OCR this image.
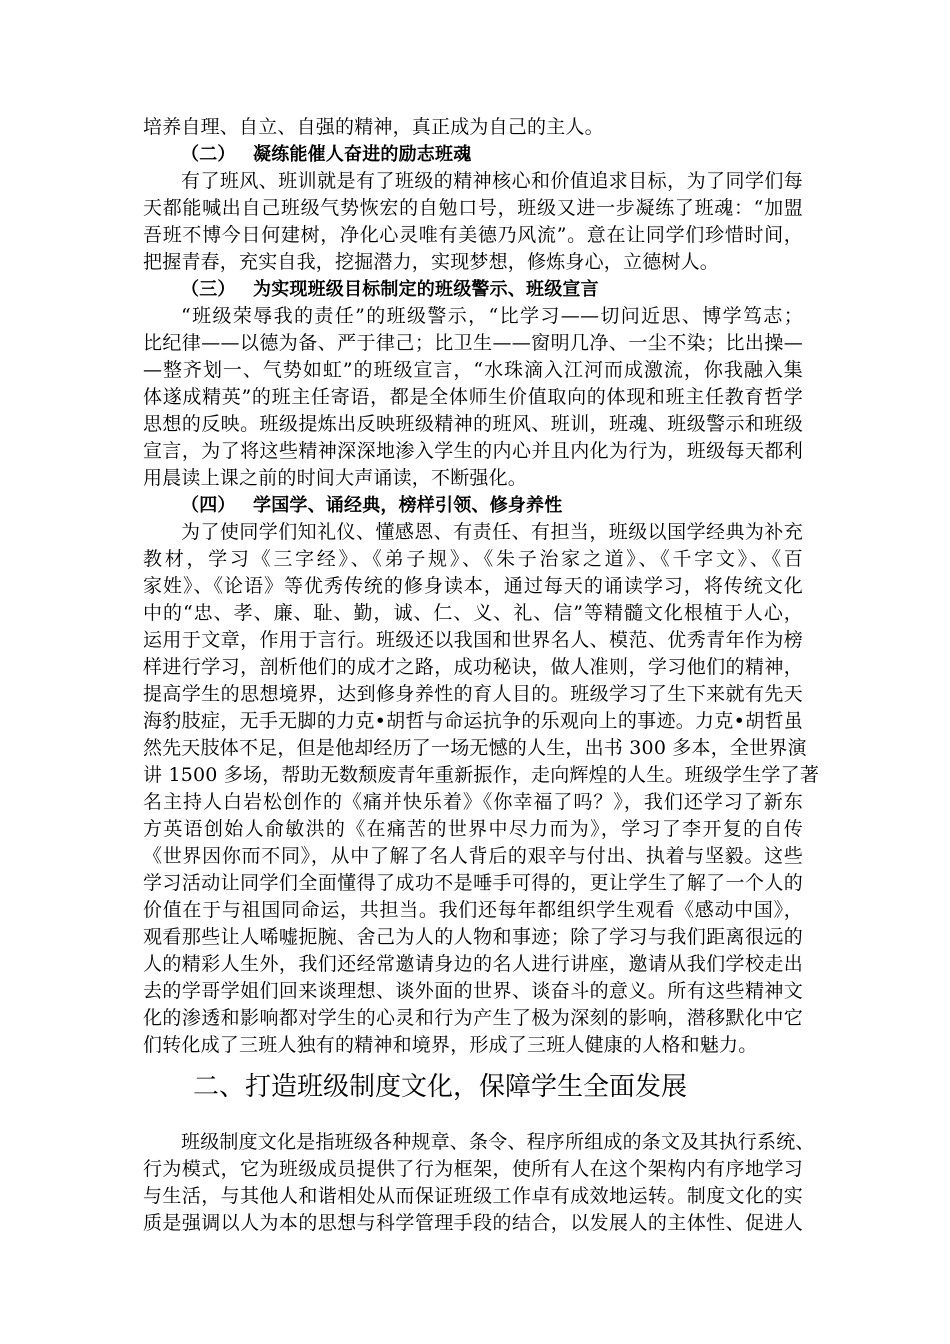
培养自理、自立、自强的精神，真正成为自己的主人。
（二） 凝练能催人奋进的励志班魂
有了班风、班训就是有了班级的精神核心和价值追求目标，为了同学们每
天都能喊出自己班级气势恢宏的自勉口号，班级又进一步凝练了班魂：“加盟
吾班不博今日何建树，净化心灵唯有美德乃风流”。意在让同学们珍惜时间，
把握青春，充实自我，挖掘潜力，实现梦想，修炼身心，立德树人。
（三） 为实现班级目标制定的班级警示、班级宣言
“班级荣辱我的责任”的班级警示，“比学习——切问近思、博学笃志；
比纪律——以德为备、严于律己；比卫生——窗明几净、一尘不染；比出操—
—整齐划一、气势如虹”的班级宣言，“水珠滴入江河而成激流，你我融入集
体遂成精英”的班主任寄语，都是全体师生价值取向的体现和班主任教育哲学
思想的反映。班级提炼出反映班级精神的班风、班训，班魂、班级警示和班级
宣言，为了将这些精神深深地渗入学生的内心并且内化为行为，班级每天都利
用晨读上课之前的时间大声诵读，不断强化。
（四） 学国学、诵经典，榜样引领、修身养性
为了使同学们知礼仪、懂感恩、有责任、有担当，班级以国学经典为补充
教材，学习《三字经》、《弟子规》、《朱子治家之道》、《千字文》、《百
家姓》、《论语》等优秀传统的修身读本，通过每天的诵读学习，将传统文化
中的“忠、孝、廉、耻、勤，诚、仁、义、礼、信”等精髓文化根植于人心，
运用于文章，作用于言行。班级还以我国和世界名人、模范、优秀青年作为榜
样进行学习，剖析他们的成才之路，成功秘诀，做人准则，学习他们的精神，
提高学生的思想境界，达到修身养性的育人目的。班级学习了生下来就有先天
海豹肢症，无手无脚的力克•胡哲与命运抗争的乐观向上的事迹。力克•胡哲虽
然先天肢体不足，但是他却经历了一场无憾的人生，出书 300 多本，全世界演
讲 1500 多场，帮助无数颓废青年重新振作，走向辉煌的人生。班级学生学了著
名主持人白岩松创作的《痛并快乐着》《你幸福了吗？》，我们还学习了新东
方英语创始人俞敏洪的《在痛苦的世界中尽力而为》，学习了李开复的自传
《世界因你而不同》，从中了解了名人背后的艰辛与付出、执着与坚毅。这些
学习活动让同学们全面懂得了成功不是唾手可得的，更让学生了解了一个人的
价值在于与祖国同命运，共担当。我们还每年都组织学生观看《感动中国》，
观看那些让人唏嘘扼腕、舍己为人的人物和事迹；除了学习与我们距离很远的
人的精彩人生外，我们还经常邀请身边的名人进行讲座，邀请从我们学校走出
去的学哥学姐们回来谈理想、谈外面的世界、谈奋斗的意义。所有这些精神文
化的渗透和影响都对学生的心灵和行为产生了极为深刻的影响，潜移默化中它
们转化成了三班人独有的精神和境界，形成了三班人健康的人格和魅力。
二、打造班级制度文化，保障学生全面发展
班级制度文化是指班级各种规章、条令、程序所组成的条文及其执行系统、
行为模式，它为班级成员提供了行为框架，使所有人在这个架构内有序地学习
与生活，与其他人和谐相处从而保证班级工作卓有成效地运转。制度文化的实
质是强调以人为本的思想与科学管理手段的结合，以发展人的主体性、促进人
